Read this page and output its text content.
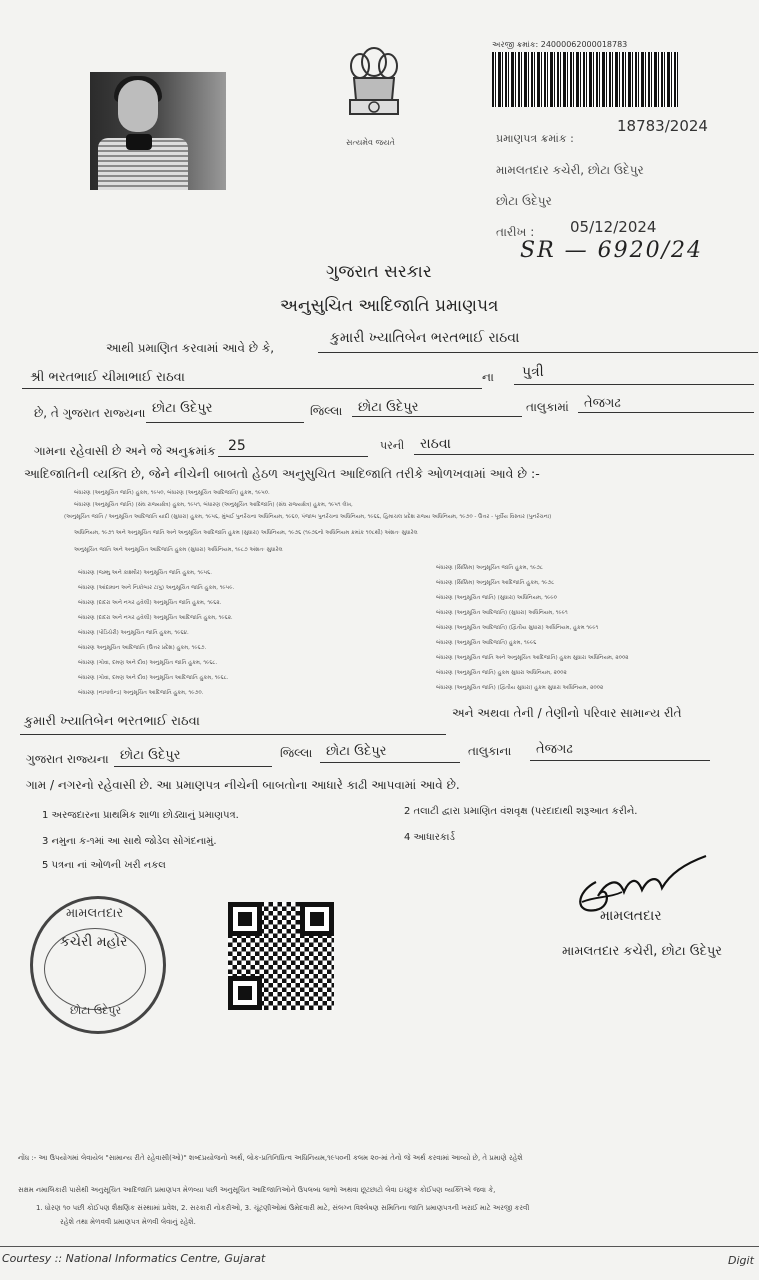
સત્યમેવ જયતે
અરજી ક્રમાંક: 24000062000018783
પ્રમાણપત્ર ક્રમાંક :
18783/2024
મામલતદાર કચેરી, છોટા ઉદેપુર
છોટા ઉદેપુર
તારીખ : 05/12/2024
SR — 6920/24
ગુજરાત સરકાર
અનુસુચિત આદિજાતિ પ્રમાણપત્ર
આથી પ્રમાણિત કરવામાં આવે છે કે,
કુમારી ખ્યાતિબેન ભરતભાઈ રાઠવા
શ્રી ભરતભાઈ ચીમાભાઈ રાઠવા	ના પુત્રી
છે, તે ગુજરાત રાજ્યના છોટા ઉદેપુર	જિલ્લા છોટા ઉદેપુર	તાલુકામાં તેજગઢ
ગામના રહેવાસી છે અને જે અનુક્રમાંક 25	પરની રાઠવા
આદિજાતિની વ્યક્તિ છે, જેને નીચેની બાબતો હેઠળ અનુસુચિત આદિજાતિ તરીકે ઓળખવામાં આવે છે :-
બંધારણ (અનુસૂચિત જાતિ) હુકમ, ૧૯૫૦, બંધારણ (અનુસૂચિત આદિજાતિ) હુકમ, ૧૯૫૦.
બંધારણ (અનુસૂચિત જાતિ) (સંઘ રાજ્યક્ષેત્ર) હુકમ, ૧૯૫૧, બંધારણ (અનુસૂચિત આદિજાતિ) (સંઘ રાજ્યક્ષેત્ર) હુકમ, ૧૯૫૧ લેખ,
(અનુસૂચિત જાતિ / અનુસૂચિત આદિજાતિ યાદી (સુધારા) હુકમ, ૧૯૫૬, મુંબઈ પુનર્રચના અધિનિયમ, ૧૯૬૦, પંજાબ પુનર્રચના અધિનિયમ, ૧૯૬૬, હિમાચલ પ્રદેશ રાજ્ય અધિનિયમ, ૧૯૭૦ - ઉત્તર - પૂર્વીય વિસ્તાર (પુનર્રચના)
અધિનિયમ, ૧૯૭૧ અને અનુસૂચિત જાતિ અને અનુસૂચિત આદિજાતિ હુકમ (સુધારા) અધિનિયમ, ૧૯૭૬ (૧૯૭૬નો અધિનિયમ ક્રમાંક ૧૦૮થી) અંશતઃ સુધારેલ
અનુસૂચિત જાતિ અને અનુસૂચિત આદિજાતિ હુકમ (સુધારા) અધિનિયમ, ૧૯૮૭ અંશતઃ સુધારેલ
બંધારણ (જમ્મુ અને કાશ્મીર) અનુસૂચિત જાતિ હુકમ, ૧૯૫૬.
બંધારણ (આંદામાન અને નિકોબાર ટાપુ) અનુસૂચિત જાતિ હુકમ, ૧૯૫૯.
બંધારણ (દાદરા અને નગર હવેલી) અનુસૂચિત જાતિ હુકમ, ૧૯૬૨.
બંધારણ (દાદરા અને નગર હવેલી) અનુસૂચિત આદિજાતિ હુકમ, ૧૯૬૨.
બંધારણ (પોંડિચેરી) અનુસૂચિત જાતિ હુકમ, ૧૯૬૪.
બંધારણ અનુસૂચિત આદિજાતિ (ઉત્તર પ્રદેશ) હુકમ, ૧૯૬૭.
બંધારણ (ગોવા, દમણ અને દીવ) અનુસૂચિત જાતિ હુકમ, ૧૯૬૮.
બંધારણ (ગોવા, દમણ અને દીવ) અનુસૂચિત આદિજાતિ હુકમ, ૧૯૬૮.
બંધારણ (નાગાલેન્ડ) અનુસૂચિત આદિજાતિ હુકમ, ૧૯૭૦.
બંધારણ (સિક્કિમ) અનુસૂચિત જાતિ હુકમ, ૧૯૭૮
બંધારણ (સિક્કિમ) અનુસૂચિત આદિજાતિ હુકમ, ૧૯૭૮
બંધારણ (અનુસૂચિત જાતિ) (સુધારા) અધિનિયમ, ૧૯૯૦
બંધારણ (અનુસૂચિત આદિજાતિ) (સુધારા) અધિનિયમ, ૧૯૯૧
બંધારણ (અનુસૂચિત આદિજાતિ) (દ્વિતીય સુધારા) અધિનિયમ, હુકમ ૧૯૯૧
બંધારણ (અનુસૂચિત આદિજાતિ) હુકમ, ૧૯૯૬
બંધારણ (અનુસૂચિત જાતિ અને અનુસૂચિત આદિજાતિ) હુકમ સુધારા અધિનિયમ, ૨૦૦૨
બંધારણ (અનુસૂચિત જાતિ) હુકમ સુધારા અધિનિયમ, ૨૦૦૨
બંધારણ (અનુસૂચિત જાતિ) (દ્વિતીય સુધારા) હુકમ સુધારા અધિનિયમ, ૨૦૦૨
કુમારી ખ્યાતિબેન ભરતભાઈ રાઠવા
અને અથવા તેની / તેણીનો પરિવાર સામાન્ય રીતે
ગુજરાત રાજ્યના છોટા ઉદેપુર	જિલ્લા છોટા ઉદેપુર	તાલુકાના તેજગઢ
ગામ / નગરનો રહેવાસી છે. આ પ્રમાણપત્ર નીચેની બાબતોના આધારે કાઢી આપવામાં આવે છે.
1 અરજદારના પ્રાથમિક શાળા છોડ્યાનું પ્રમાણપત્ર.	2 તલાટી દ્વારા પ્રમાણિત વંશવૃક્ષ (પરદાદાથી શરૂઆત કરીને.
3 નમુના ક-૧માં આ સાથે જોડેલ સોગંદનામું.	4 આધારકાર્ડ
5 પત્રના નાં ઓળની ખરી નકલ
મામલતદાર
કચેરી મહોર
છોટા ઉદેપુર
મામલતદાર
મામલતદાર કચેરી, છોટા ઉદેપુર
નોંધ :- આ ઉપયોગમાં લેવાયેલ "સામાન્ય રીતે રહેવાસી(ઓ)" શબ્દપ્રયોજનો અર્થ, લોક-પ્રતિનિધિત્વ અધિનિયમ,૧૯૫૦ની કલમ ૨૦-માં તેનો જે અર્થ કરવામાં આવ્યો છે, તે પ્રમાણે રહેશે
સક્ષમ નમાલિકારી પાસેથી અનુસૂચિત આદિજાતિ પ્રમાણપત્ર મેળવ્યા પછી અનુસૂચિત આદિજાતિઓને ઉપલબ્ધ લાભો અથવા છૂટછાટો લેવા ઇચ્છુક કોઈપણ વ્યક્તિએ જવા કે,
1. ધોરણ ૧૦ પછી કોઈપણ શૈક્ષણિક સંસ્થામાં પ્રવેશ, 2. સરકારી નોકરીઓ, 3. ચૂંટણીઓમાં ઉમેદવારી માટે, સંલગ્ન વિશ્લેષણ સમિતિના જાતિ પ્રમાણપત્રની ખરાઈ માટે અરજી કરવી
રહેશે તથા મેળવવી પ્રમાણપત્ર મેળવી લેવાનું રહેશે.
Courtesy :: National Informatics Centre, Gujarat	Digit
